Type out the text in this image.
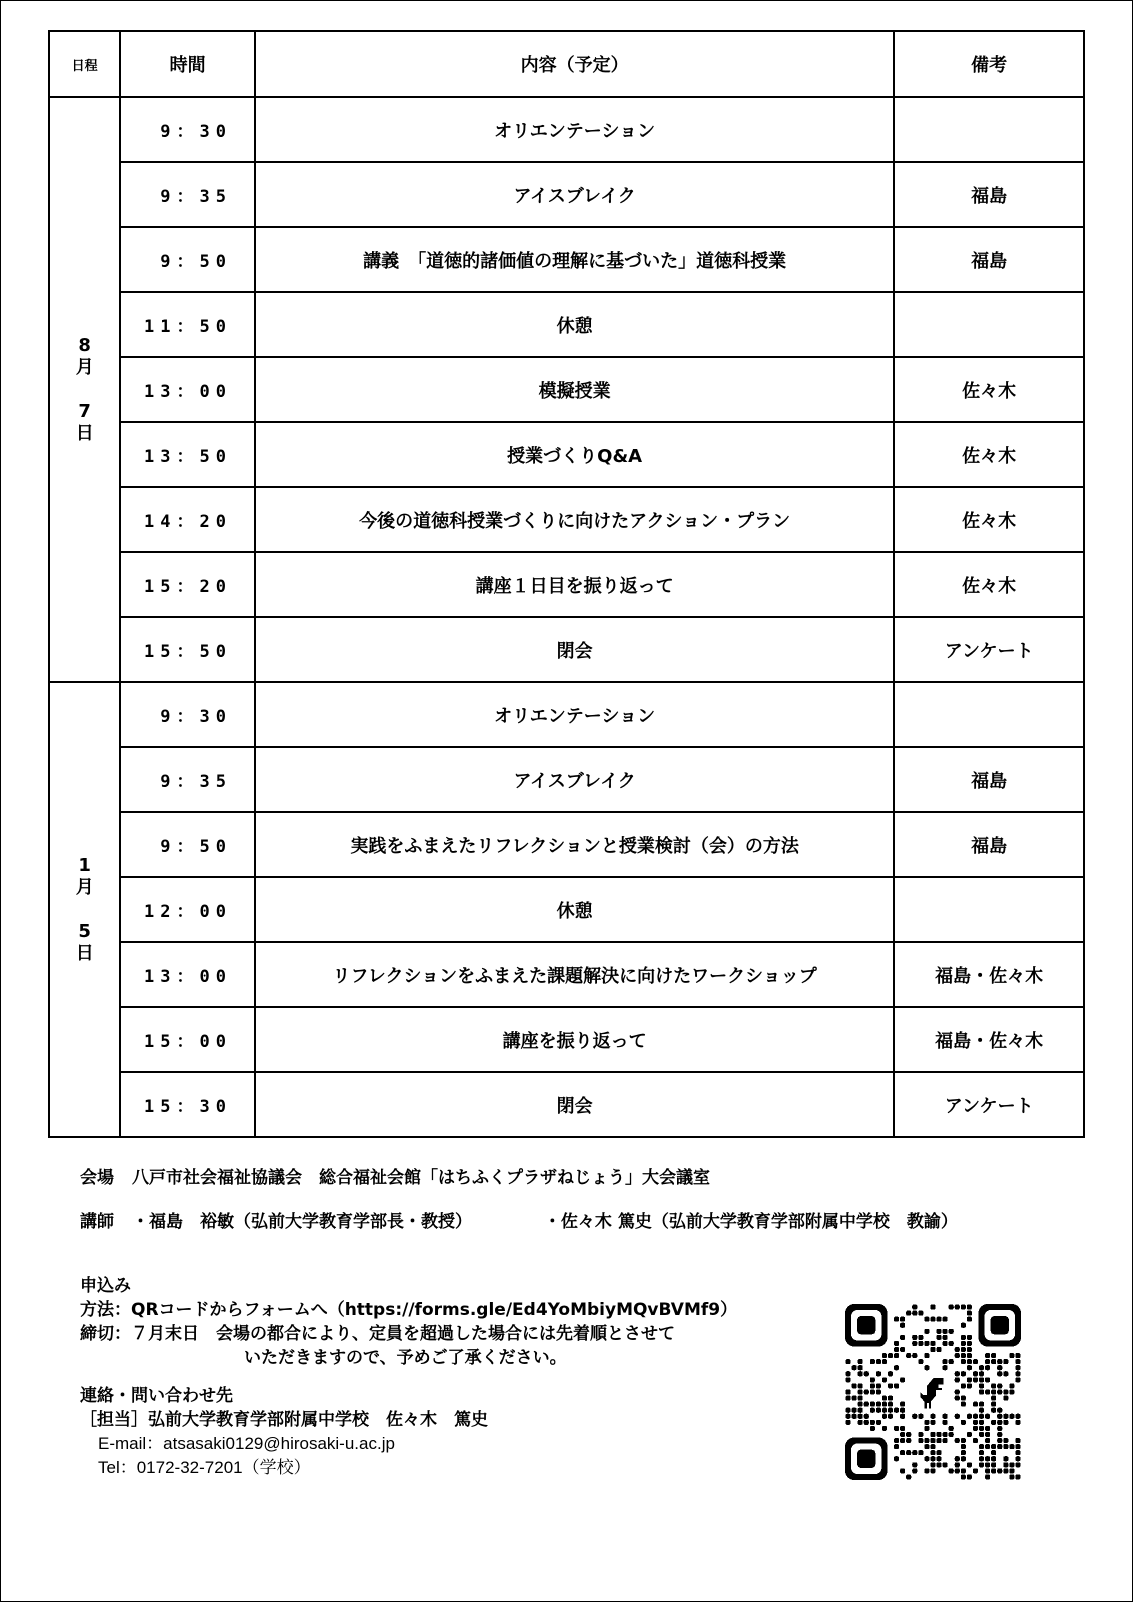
日程	時間	内容（予定）	備考
8
月

7
日	9：30	オリエンテーション	
	9：35	アイスブレイク	福島
	9：50	講義　「道徳的諸価値の理解に基づいた」道徳科授業	福島
	11：50	休憩	
	13：00	模擬授業	佐々木
	13：50	授業づくりQ&A	佐々木
	14：20	今後の道徳科授業づくりに向けたアクション・プラン	佐々木
	15：20	講座１日目を振り返って	佐々木
	15：50	閉会	アンケート
1
月

5
日	9：30	オリエンテーション	
	9：35	アイスブレイク	福島
	9：50	実践をふまえたリフレクションと授業検討（会）の方法	福島
	12：00	休憩	
	13：00	リフレクションをふまえた課題解決に向けたワークショップ	福島・佐々木
	15：00	講座を振り返って	福島・佐々木
	15：30	閉会	アンケート
会場 八戸市社会福祉協議会　総合福祉会館「はちふくプラザねじょう」大会議室
講師 ・福島　裕敏（弘前大学教育学部長・教授）	・佐々木 篤史（弘前大学教育学部附属中学校　教諭）
申込み
方法：QRコードからフォームへ（https://forms.gle/Ed4YoMbiyMQvBVMf9）
締切：７月末日　会場の都合により、定員を超過した場合には先着順とさせて
いただきますので、予めご了承ください。
連絡・問い合わせ先
［担当］弘前大学教育学部附属中学校　佐々木　篤史
E-mail：atsasaki0129@hirosaki-u.ac.jp
Tel：0172-32-7201（学校）
